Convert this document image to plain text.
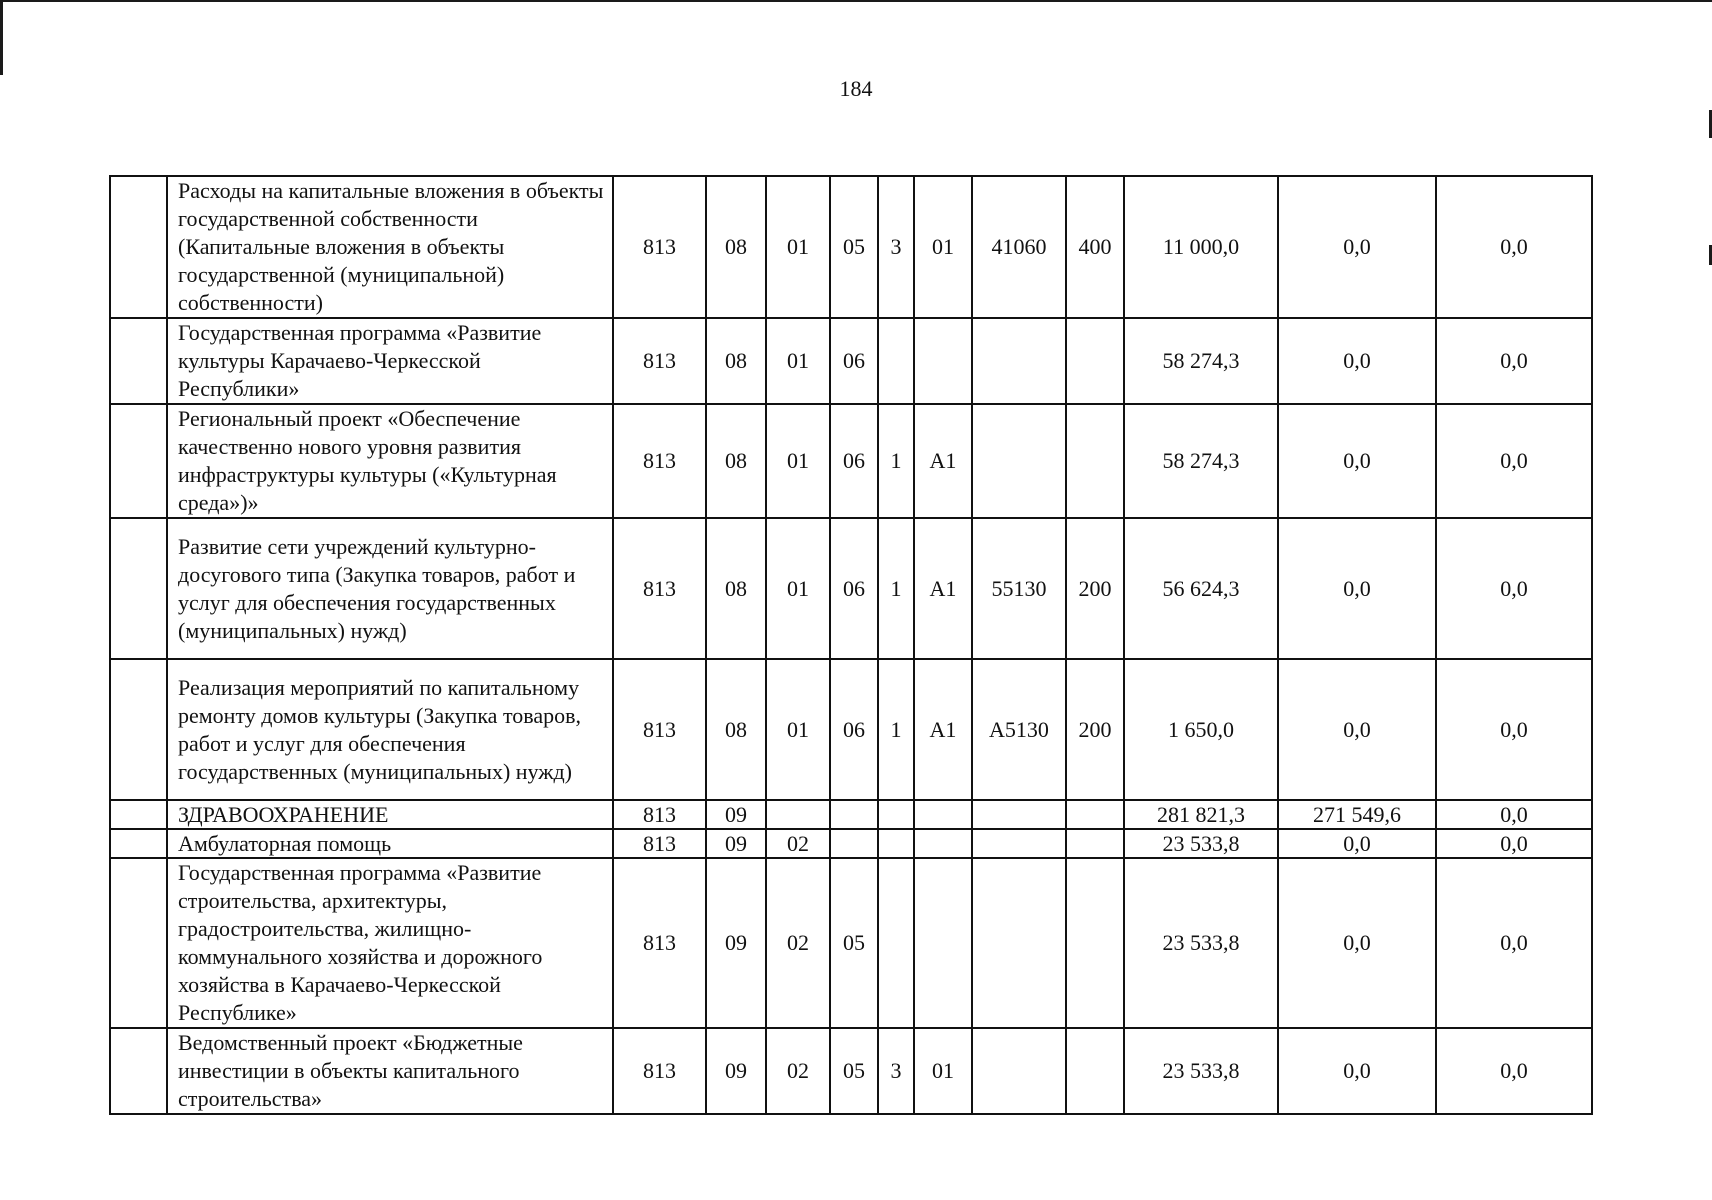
184
	Расходы на капитальные вложения в объекты государственной собственности (Капитальные вложения в объекты государственной (муниципальной) собственности)	813	08	01	05	3	01	41060	400	11 000,0	0,0	0,0
	Государственная программа «Развитие культуры Карачаево-Черкесской Республики»	813	08	01	06					58 274,3	0,0	0,0
	Региональный проект «Обеспечение качественно нового уровня развития инфраструктуры культуры («Культурная среда»)»	813	08	01	06	1	А1			58 274,3	0,0	0,0
	Развитие сети учреждений культурно-досугового типа (Закупка товаров, работ и услуг для обеспечения государственных (муниципальных) нужд)	813	08	01	06	1	А1	55130	200	56 624,3	0,0	0,0
	Реализация мероприятий по капитальному ремонту домов культуры (Закупка товаров, работ и услуг для обеспечения государственных (муниципальных) нужд)	813	08	01	06	1	А1	А5130	200	1 650,0	0,0	0,0
	ЗДРАВООХРАНЕНИЕ	813	09							281 821,3	271 549,6	0,0
	Амбулаторная помощь	813	09	02						23 533,8	0,0	0,0
	Государственная программа «Развитие строительства, архитектуры, градостроительства, жилищно-коммунального хозяйства и дорожного хозяйства в Карачаево-Черкесской Республике»	813	09	02	05					23 533,8	0,0	0,0
	Ведомственный проект «Бюджетные инвестиции в объекты капитального строительства»	813	09	02	05	3	01			23 533,8	0,0	0,0
